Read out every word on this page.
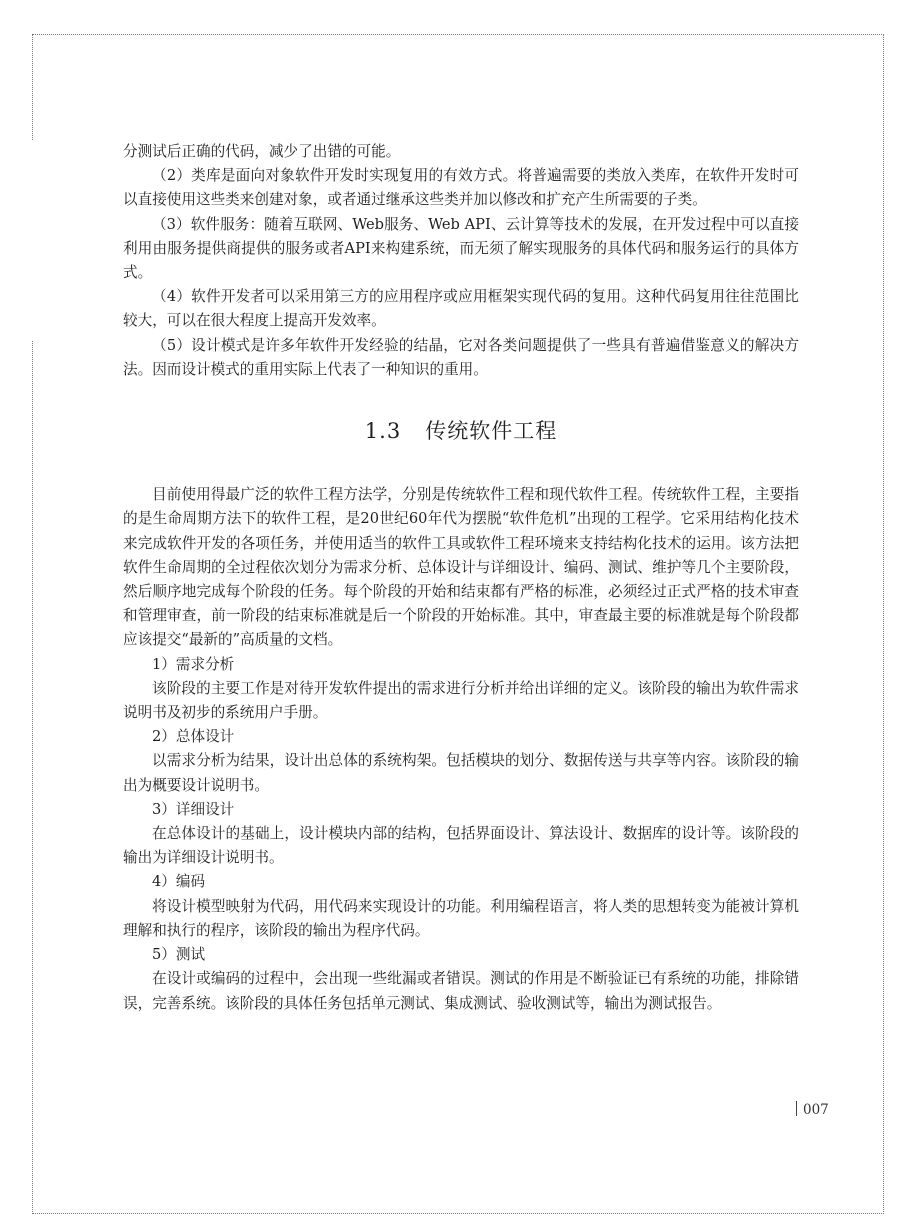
分测试后正确的代码，减少了出错的可能。

（2）类库是面向对象软件开发时实现复用的有效方式。将普遍需要的类放入类库，在软件开发时可以直接使用这些类来创建对象，或者通过继承这些类并加以修改和扩充产生所需要的子类。

（3）软件服务：随着互联网、Web服务、Web API、云计算等技术的发展，在开发过程中可以直接利用由服务提供商提供的服务或者API来构建系统，而无须了解实现服务的具体代码和服务运行的具体方式。

（4）软件开发者可以采用第三方的应用程序或应用框架实现代码的复用。这种代码复用往往范围比较大，可以在很大程度上提高开发效率。

（5）设计模式是许多年软件开发经验的结晶，它对各类问题提供了一些具有普遍借鉴意义的解决方法。因而设计模式的重用实际上代表了一种知识的重用。

1.3 传统软件工程

目前使用得最广泛的软件工程方法学，分别是传统软件工程和现代软件工程。传统软件工程，主要指的是生命周期方法下的软件工程，是20世纪60年代为摆脱“软件危机”出现的工程学。它采用结构化技术来完成软件开发的各项任务，并使用适当的软件工具或软件工程环境来支持结构化技术的运用。该方法把软件生命周期的全过程依次划分为需求分析、总体设计与详细设计、编码、测试、维护等几个主要阶段，然后顺序地完成每个阶段的任务。每个阶段的开始和结束都有严格的标准，必须经过正式严格的技术审查和管理审查，前一阶段的结束标准就是后一个阶段的开始标准。其中，审查最主要的标准就是每个阶段都应该提交“最新的”高质量的文档。

1）需求分析

该阶段的主要工作是对待开发软件提出的需求进行分析并给出详细的定义。该阶段的输出为软件需求说明书及初步的系统用户手册。

2）总体设计

以需求分析为结果，设计出总体的系统构架。包括模块的划分、数据传送与共享等内容。该阶段的输出为概要设计说明书。

3）详细设计

在总体设计的基础上，设计模块内部的结构，包括界面设计、算法设计、数据库的设计等。该阶段的输出为详细设计说明书。

4）编码

将设计模型映射为代码，用代码来实现设计的功能。利用编程语言，将人类的思想转变为能被计算机理解和执行的程序，该阶段的输出为程序代码。

5）测试

在设计或编码的过程中，会出现一些纰漏或者错误。测试的作用是不断验证已有系统的功能，排除错误，完善系统。该阶段的具体任务包括单元测试、集成测试、验收测试等，输出为测试报告。

007
